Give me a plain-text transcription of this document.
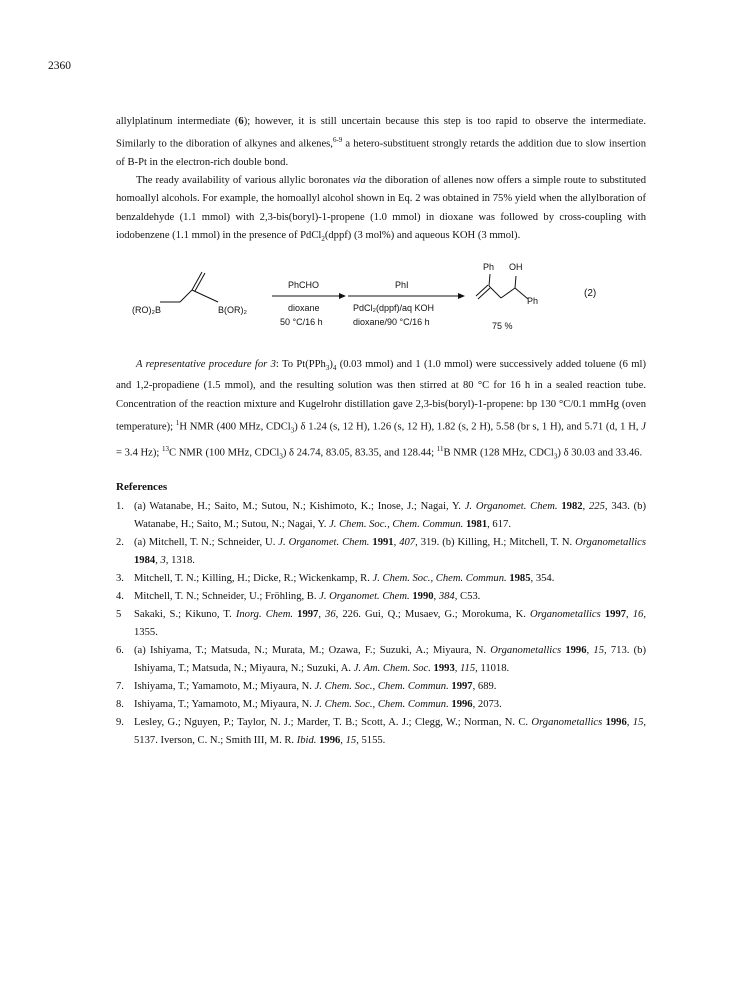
2360

allylplatinum intermediate (6); however, it is still uncertain because this step is too rapid to observe the intermediate. Similarly to the diboration of alkynes and alkenes,$^{6-9}$ a hetero-substituent strongly retards the addition due to slow insertion of B-Pt in the electron-rich double bond.

The ready availability of various allylic boronates via the diboration of allenes now offers a simple route to substituted homoallyl alcohols. For example, the homoallyl alcohol shown in Eq. 2 was obtained in 75% yield when the allylboration of benzaldehyde (1.1 mmol) with 2,3-bis(boryl)-1-propene (1.0 mmol) in dioxane was followed by cross-coupling with iodobenzene (1.1 mmol) in the presence of PdCl$_2$(dppf) (3 mol%) and aqueous KOH (3 mmol).

(RO)₂B	B(OR)₂
PhCHO
dioxane
50 °C/16 h
PhI
PdCl₂(dppf)/aq KOH
dioxane/90 °C/16 h
Ph OH
Ph
75 %
(2)

A representative procedure for 3: To $Pt(PPh_3)_4$ (0.03 mmol) and 1 (1.0 mmol) were successively added toluene (6 ml) and 1,2-propadiene (1.5 mmol), and the resulting solution was then stirred at 80 °C for 16 h in a sealed reaction tube. Concentration of the reaction mixture and Kugelrohr distillation gave 2,3-bis(boryl)-1-propene: bp 130 °C/0.1 mmHg (oven temperature); $^1$H NMR (400 MHz, CDCl$_3$) δ 1.24 (s, 12 H), 1.26 (s, 12 H), 1.82 (s, 2 H), 5.58 (br s, 1 H), and 5.71 (d, 1 H, J = 3.4 Hz); $^{13}$C NMR (100 MHz, CDCl$_3$) δ 24.74, 83.05, 83.35, and 128.44; $^{11}$B NMR (128 MHz, CDCl$_3$) δ 30.03 and 33.46.

References
1. (a) Watanabe, H.; Saito, M.; Sutou, N.; Kishimoto, K.; Inose, J.; Nagai, Y. J. Organomet. Chem. 1982, 225, 343. (b) Watanabe, H.; Saito, M.; Sutou, N.; Nagai, Y. J. Chem. Soc., Chem. Commun. 1981, 617.
2. (a) Mitchell, T. N.; Schneider, U. J. Organomet. Chem. 1991, 407, 319. (b) Killing, H.; Mitchell, T. N. Organometallics 1984, 3, 1318.
3. Mitchell, T. N.; Killing, H.; Dicke, R.; Wickenkamp, R. J. Chem. Soc., Chem. Commun. 1985, 354.
4. Mitchell, T. N.; Schneider, U.; Fröhling, B. J. Organomet. Chem. 1990, 384, C53.
5 Sakaki, S.; Kikuno, T. Inorg. Chem. 1997, 36, 226. Gui, Q.; Musaev, G.; Morokuma, K. Organometallics 1997, 16, 1355.
6. (a) Ishiyama, T.; Matsuda, N.; Murata, M.; Ozawa, F.; Suzuki, A.; Miyaura, N. Organometallics 1996, 15, 713. (b) Ishiyama, T.; Matsuda, N.; Miyaura, N.; Suzuki, A. J. Am. Chem. Soc. 1993, 115, 11018.
7. Ishiyama, T.; Yamamoto, M.; Miyaura, N. J. Chem. Soc., Chem. Commun. 1997, 689.
8. Ishiyama, T.; Yamamoto, M.; Miyaura, N. J. Chem. Soc., Chem. Commun. 1996, 2073.
9. Lesley, G.; Nguyen, P.; Taylor, N. J.; Marder, T. B.; Scott, A. J.; Clegg, W.; Norman, N. C. Organometallics 1996, 15, 5137. Iverson, C. N.; Smith III, M. R. Ibid. 1996, 15, 5155.
